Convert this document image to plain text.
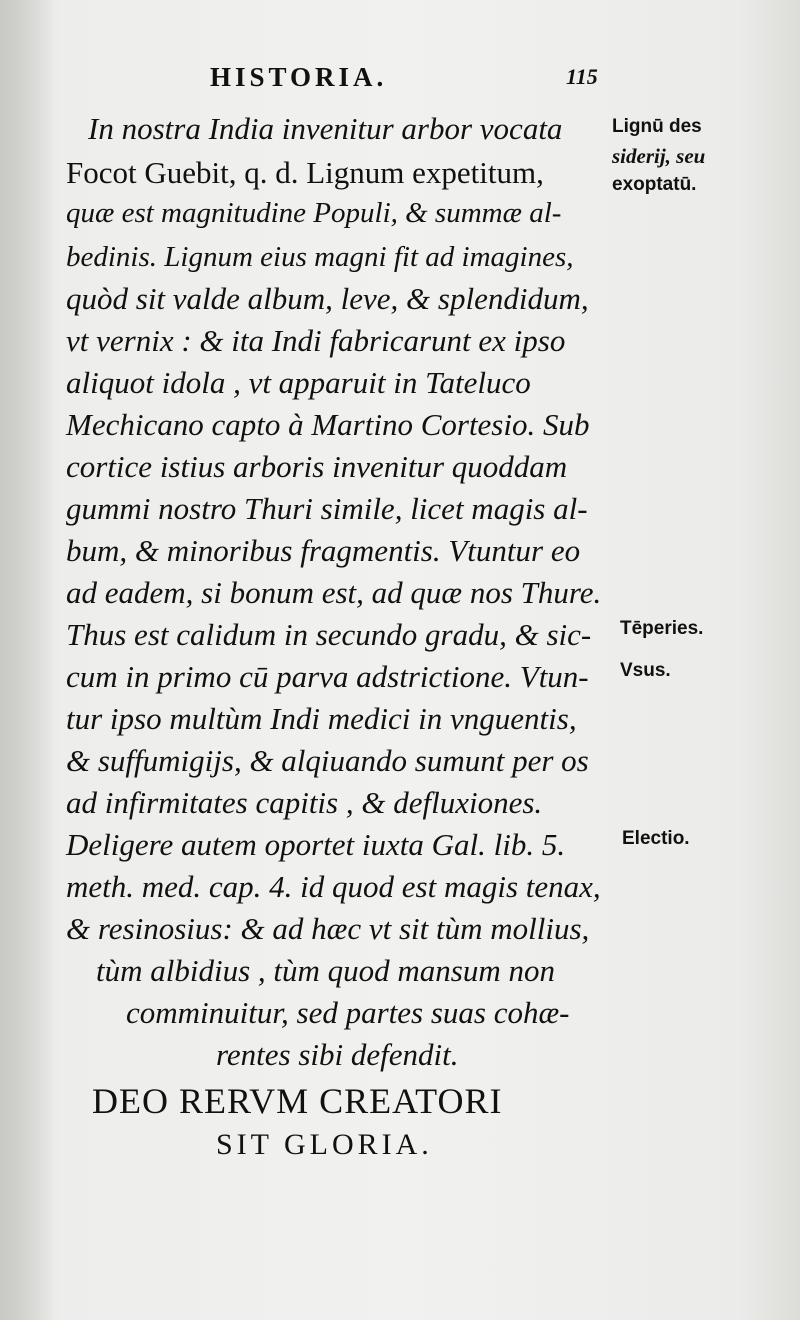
HISTORIA.	115
In nostra India invenitur arbor vocata
Focot Guebit, q. d. Lignum expetitum,
quæ est magnitudine Populi, & summæ al-
bedinis. Lignum eius magni fit ad imagines,
quòd sit valde album, leve, & splendidum,
vt vernix : & ita Indi fabricarunt ex ipso
aliquot idola , vt apparuit in Tateluco
Mechicano capto à Martino Cortesio. Sub
cortice istius arboris invenitur quoddam
gummi nostro Thuri simile, licet magis al-
bum, & minoribus fragmentis. Vtuntur eo
ad eadem, si bonum est, ad quæ nos Thure.
Thus est calidum in secundo gradu, & sic-
cum in primo cū parva adstrictione. Vtun-
tur ipso multùm Indi medici in vnguentis,
& suffumigijs, & alqiuando sumunt per os
ad infirmitates capitis , & defluxiones.
Deligere autem oportet iuxta Gal. lib. 5.
meth. med. cap. 4. id quod est magis tenax,
& resinosius: & ad hæc vt sit tùm mollius,
tùm albidius , tùm quod mansum non
comminuitur, sed partes suas cohæ-
rentes sibi defendit.
Lignū des
siderij, seu
exoptatū.
Tēperies.
Vsus.
Electio.
DEO RERVM CREATORI
SIT GLORIA.
